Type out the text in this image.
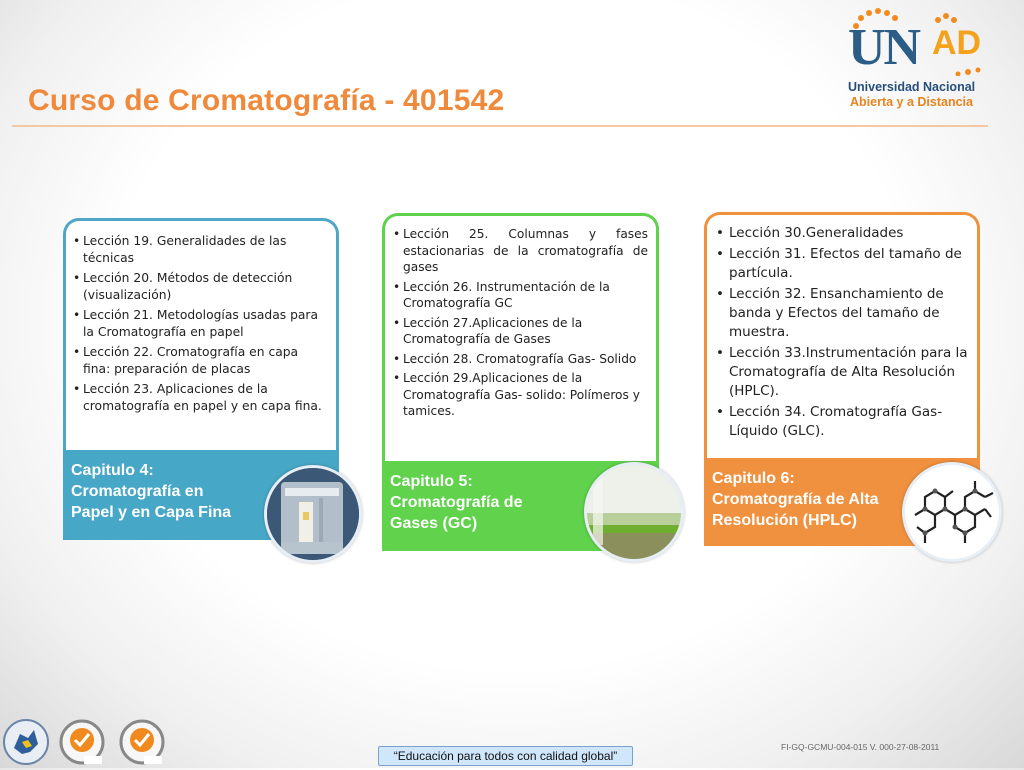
Curso de Cromatografía - 401542
UN AD
Universidad Nacional
Abierta y a Distancia
• Lección 19. Generalidades de las técnicas
• Lección 20. Métodos de detección (visualización)
• Lección 21. Metodologías usadas para la Cromatografía en papel
• Lección 22. Cromatografía en capa fina: preparación de placas
• Lección 23. Aplicaciones de la cromatografía en papel y en capa fina.
Capitulo 4:
Cromatografía en
Papel y en Capa Fina
• Lección 25. Columnas y fases estacionarias de la cromatografía de gases
• Lección 26. Instrumentación de la Cromatografía GC
• Lección 27.Aplicaciones de la Cromatografía de Gases
• Lección 28. Cromatografía Gas- Solido
• Lección 29.Aplicaciones de la Cromatografía Gas- solido: Polímeros y tamices.
Capitulo 5:
Cromatografía de
Gases (GC)
• Lección 30.Generalidades
• Lección 31. Efectos del tamaño de partícula.
• Lección 32. Ensanchamiento de banda y Efectos del tamaño de muestra.
• Lección 33.Instrumentación para la Cromatografía de Alta Resolución (HPLC).
• Lección 34. Cromatografía Gas-Líquido (GLC).
Capitulo 6:
Cromatografía de Alta
Resolución (HPLC)
“Educación para todos con calidad global”
FI-GQ-GCMU-004-015 V. 000-27-08-2011
